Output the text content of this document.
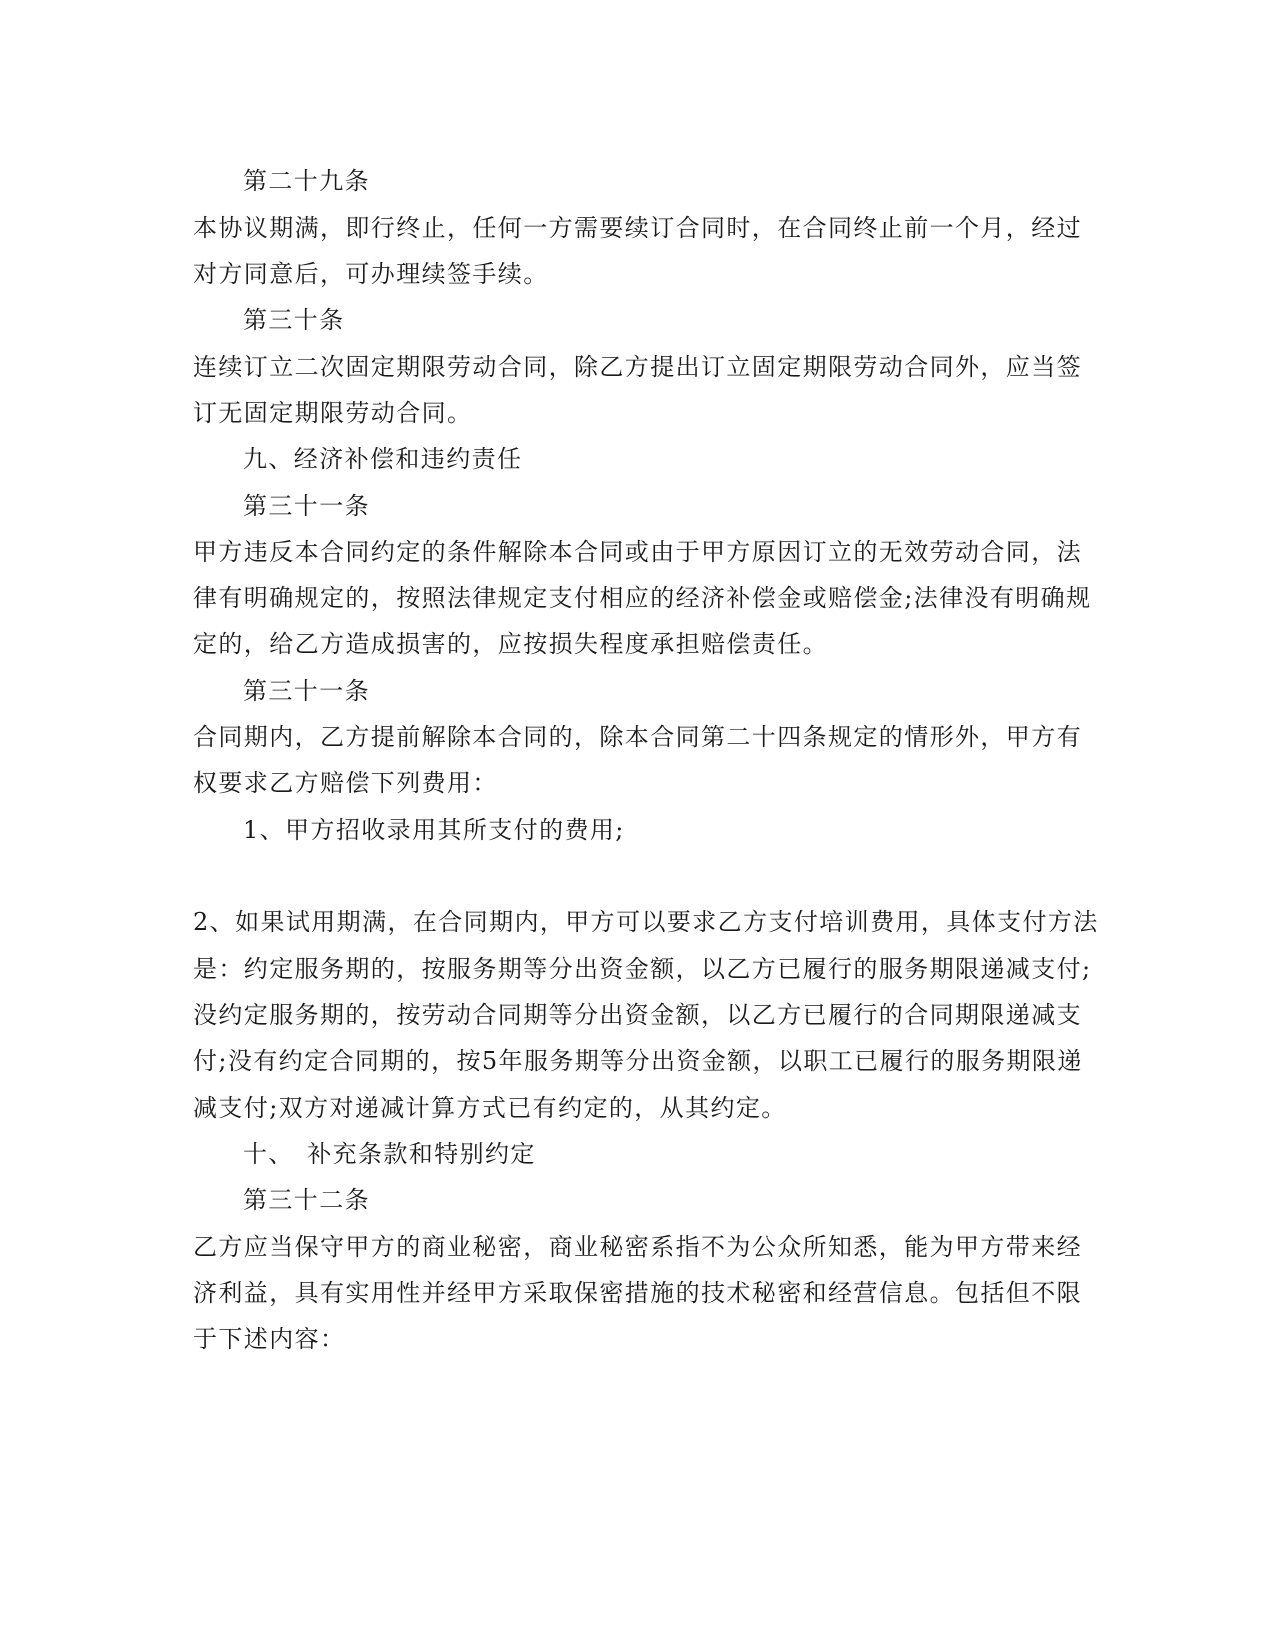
第二十九条
本协议期满，即行终止，任何一方需要续订合同时，在合同终止前一个月，经过
对方同意后，可办理续签手续。
第三十条
连续订立二次固定期限劳动合同，除乙方提出订立固定期限劳动合同外，应当签
订无固定期限劳动合同。
九、经济补偿和违约责任
第三十一条
甲方违反本合同约定的条件解除本合同或由于甲方原因订立的无效劳动合同，法
律有明确规定的，按照法律规定支付相应的经济补偿金或赔偿金;法律没有明确规
定的，给乙方造成损害的，应按损失程度承担赔偿责任。
第三十一条
合同期内，乙方提前解除本合同的，除本合同第二十四条规定的情形外，甲方有
权要求乙方赔偿下列费用：
1、甲方招收录用其所支付的费用;
2、如果试用期满，在合同期内，甲方可以要求乙方支付培训费用，具体支付方法
是：约定服务期的，按服务期等分出资金额，以乙方已履行的服务期限递减支付;
没约定服务期的，按劳动合同期等分出资金额，以乙方已履行的合同期限递减支
付;没有约定合同期的，按5年服务期等分出资金额，以职工已履行的服务期限递
减支付;双方对递减计算方式已有约定的，从其约定。
十、　补充条款和特别约定
第三十二条
乙方应当保守甲方的商业秘密，商业秘密系指不为公众所知悉，能为甲方带来经
济利益，具有实用性并经甲方采取保密措施的技术秘密和经营信息。包括但不限
于下述内容：
